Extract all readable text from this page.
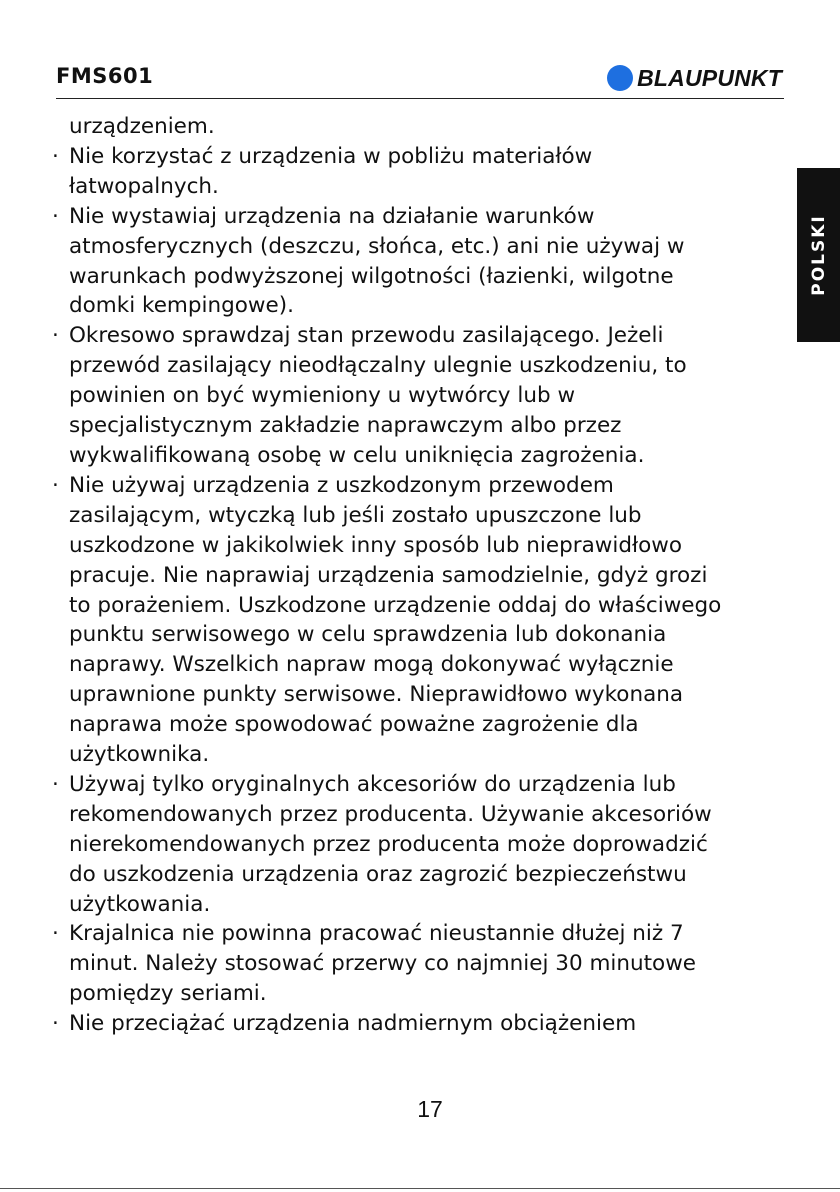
FMS601	BLAUPUNKT
POLSKI
urządzeniem.
· Nie korzystać z urządzenia w pobliżu materiałów
łatwopalnych.
· Nie wystawiaj urządzenia na działanie warunków
atmosferycznych (deszczu, słońca, etc.) ani nie używaj w
warunkach podwyższonej wilgotności (łazienki, wilgotne
domki kempingowe).
· Okresowo sprawdzaj stan przewodu zasilającego. Jeżeli
przewód zasilający nieodłączalny ulegnie uszkodzeniu, to
powinien on być wymieniony u wytwórcy lub w
specjalistycznym zakładzie naprawczym albo przez
wykwalifikowaną osobę w celu uniknięcia zagrożenia.
· Nie używaj urządzenia z uszkodzonym przewodem
zasilającym, wtyczką lub jeśli zostało upuszczone lub
uszkodzone w jakikolwiek inny sposób lub nieprawidłowo
pracuje. Nie naprawiaj urządzenia samodzielnie, gdyż grozi
to porażeniem. Uszkodzone urządzenie oddaj do właściwego
punktu serwisowego w celu sprawdzenia lub dokonania
naprawy. Wszelkich napraw mogą dokonywać wyłącznie
uprawnione punkty serwisowe. Nieprawidłowo wykonana
naprawa może spowodować poważne zagrożenie dla
użytkownika.
· Używaj tylko oryginalnych akcesoriów do urządzenia lub
rekomendowanych przez producenta. Używanie akcesoriów
nierekomendowanych przez producenta może doprowadzić
do uszkodzenia urządzenia oraz zagrozić bezpieczeństwu
użytkowania.
· Krajalnica nie powinna pracować nieustannie dłużej niż 7
minut. Należy stosować przerwy co najmniej 30 minutowe
pomiędzy seriami.
· Nie przeciążać urządzenia nadmiernym obciążeniem
17
